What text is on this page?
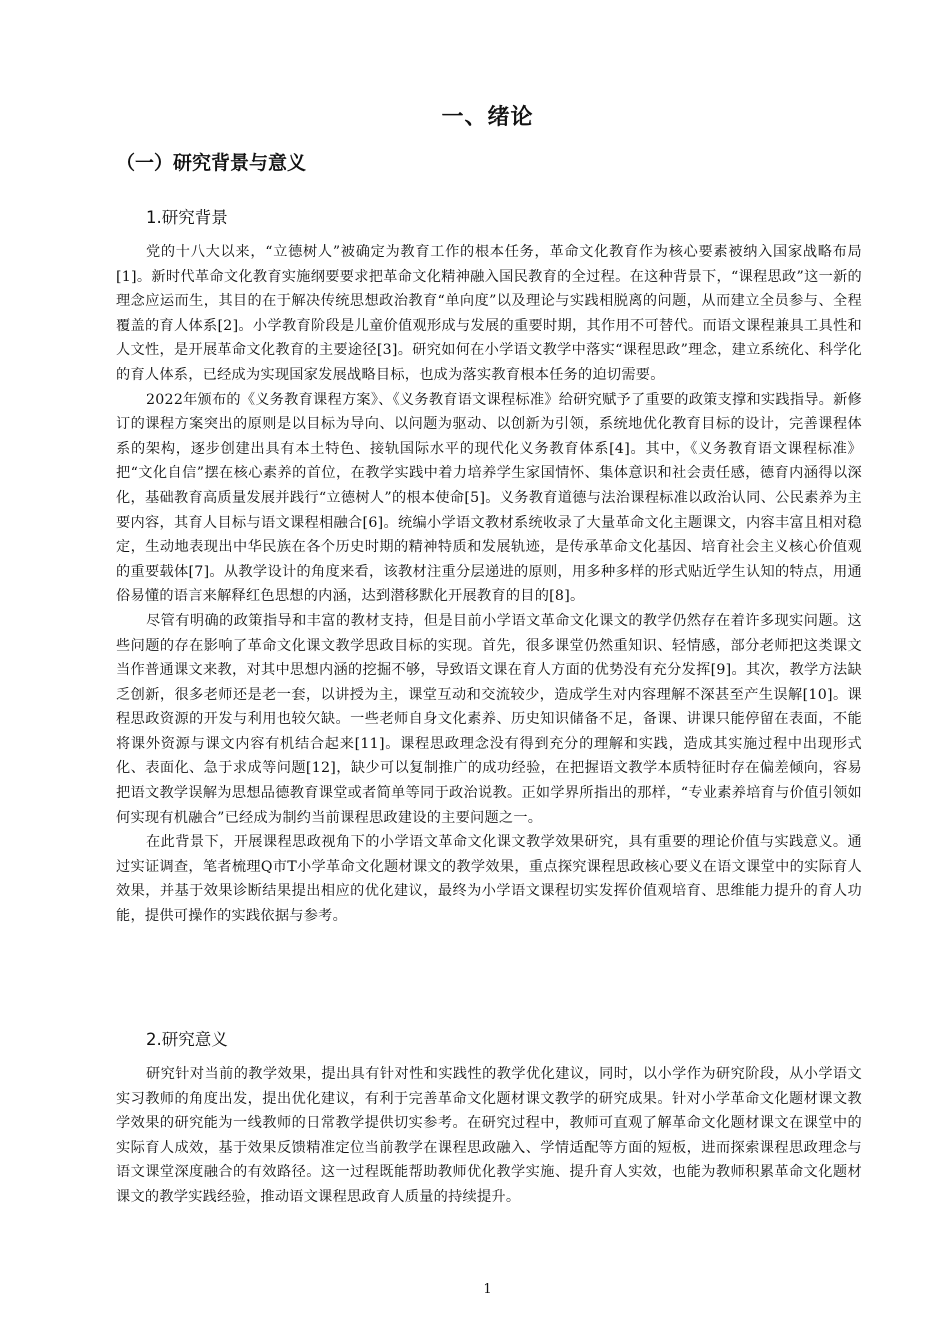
一、绪论
（一）研究背景与意义
1.研究背景

党的十八大以来，“立德树人”被确定为教育工作的根本任务，革命文化教育作为核心要素被纳入国家战略布局[1]。新时代革命文化教育实施纲要要求把革命文化精神融入国民教育的全过程。在这种背景下，“课程思政”这一新的理念应运而生，其目的在于解决传统思想政治教育“单向度”以及理论与实践相脱离的问题，从而建立全员参与、全程覆盖的育人体系[2]。小学教育阶段是儿童价值观形成与发展的重要时期，其作用不可替代。而语文课程兼具工具性和人文性，是开展革命文化教育的主要途径[3]。研究如何在小学语文教学中落实“课程思政”理念，建立系统化、科学化的育人体系，已经成为实现国家发展战略目标，也成为落实教育根本任务的迫切需要。

2022年颁布的《义务教育课程方案》、《义务教育语文课程标准》给研究赋予了重要的政策支撑和实践指导。新修订的课程方案突出的原则是以目标为导向、以问题为驱动、以创新为引领，系统地优化教育目标的设计，完善课程体系的架构，逐步创建出具有本土特色、接轨国际水平的现代化义务教育体系[4]。其中，《义务教育语文课程标准》把“文化自信”摆在核心素养的首位，在教学实践中着力培养学生家国情怀、集体意识和社会责任感，德育内涵得以深化，基础教育高质量发展并践行“立德树人”的根本使命[5]。义务教育道德与法治课程标准以政治认同、公民素养为主要内容，其育人目标与语文课程相融合[6]。统编小学语文教材系统收录了大量革命文化主题课文，内容丰富且相对稳定，生动地表现出中华民族在各个历史时期的精神特质和发展轨迹，是传承革命文化基因、培育社会主义核心价值观的重要载体[7]。从教学设计的角度来看，该教材注重分层递进的原则，用多种多样的形式贴近学生认知的特点，用通俗易懂的语言来解释红色思想的内涵，达到潜移默化开展教育的目的[8]。

尽管有明确的政策指导和丰富的教材支持，但是目前小学语文革命文化课文的教学仍然存在着许多现实问题。这些问题的存在影响了革命文化课文教学思政目标的实现。首先，很多课堂仍然重知识、轻情感，部分老师把这类课文当作普通课文来教，对其中思想内涵的挖掘不够，导致语文课在育人方面的优势没有充分发挥[9]。其次，教学方法缺乏创新，很多老师还是老一套，以讲授为主，课堂互动和交流较少，造成学生对内容理解不深甚至产生误解[10]。课程思政资源的开发与利用也较欠缺。一些老师自身文化素养、历史知识储备不足，备课、讲课只能停留在表面，不能将课外资源与课文内容有机结合起来[11]。课程思政理念没有得到充分的理解和实践，造成其实施过程中出现形式化、表面化、急于求成等问题[12]，缺少可以复制推广的成功经验，在把握语文教学本质特征时存在偏差倾向，容易把语文教学误解为思想品德教育课堂或者简单等同于政治说教。正如学界所指出的那样，“专业素养培育与价值引领如何实现有机融合”已经成为制约当前课程思政建设的主要问题之一。

在此背景下，开展课程思政视角下的小学语文革命文化课文教学效果研究，具有重要的理论价值与实践意义。通过实证调查，笔者梳理Q市T小学革命文化题材课文的教学效果，重点探究课程思政核心要义在语文课堂中的实际育人效果，并基于效果诊断结果提出相应的优化建议，最终为小学语文课程切实发挥价值观培育、思维能力提升的育人功能，提供可操作的实践依据与参考。

2.研究意义

研究针对当前的教学效果，提出具有针对性和实践性的教学优化建议，同时，以小学作为研究阶段，从小学语文实习教师的角度出发，提出优化建议，有利于完善革命文化题材课文教学的研究成果。针对小学革命文化题材课文教学效果的研究能为一线教师的日常教学提供切实参考。在研究过程中，教师可直观了解革命文化题材课文在课堂中的实际育人成效，基于效果反馈精准定位当前教学在课程思政融入、学情适配等方面的短板，进而探索课程思政理念与语文课堂深度融合的有效路径。这一过程既能帮助教师优化教学实施、提升育人实效，也能为教师积累革命文化题材课文的教学实践经验，推动语文课程思政育人质量的持续提升。

1
